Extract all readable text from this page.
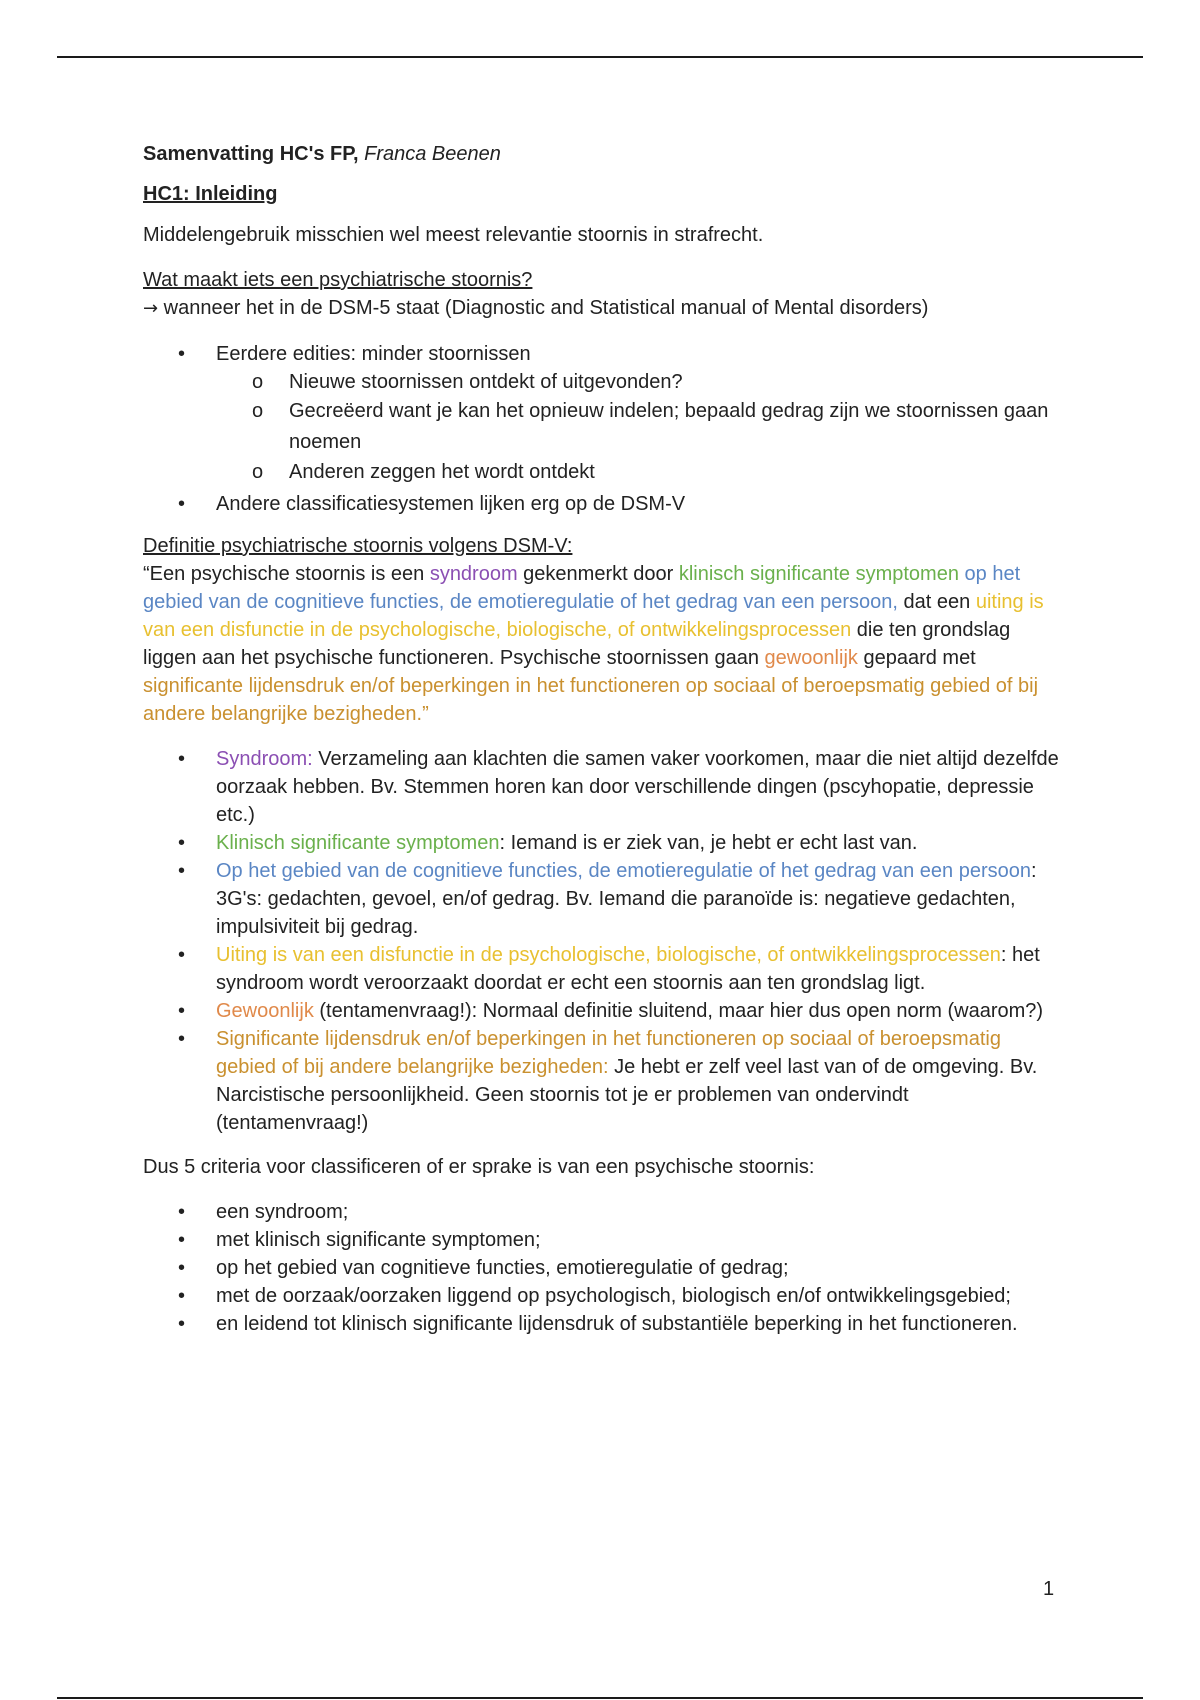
Samenvatting HC's FP, Franca Beenen

HC1: Inleiding

Middelengebruik misschien wel meest relevantie stoornis in strafrecht.

Wat maakt iets een psychiatrische stoornis?

→ wanneer het in de DSM-5 staat (Diagnostic and Statistical manual of Mental disorders)

• Eerdere edities: minder stoornissen
o Nieuwe stoornissen ontdekt of uitgevonden?
o Gecreëerd want je kan het opnieuw indelen; bepaald gedrag zijn we stoornissen gaan noemen
o Anderen zeggen het wordt ontdekt
• Andere classificatiesystemen lijken erg op de DSM-V

Definitie psychiatrische stoornis volgens DSM-V:

“Een psychische stoornis is een syndroom gekenmerkt door klinisch significante symptomen op het gebied van de cognitieve functies, de emotieregulatie of het gedrag van een persoon, dat een uiting is van een disfunctie in de psychologische, biologische, of ontwikkelingsprocessen die ten grondslag liggen aan het psychische functioneren. Psychische stoornissen gaan gewoonlijk gepaard met significante lijdensdruk en/of beperkingen in het functioneren op sociaal of beroepsmatig gebied of bij andere belangrijke bezigheden.”

• Syndroom: Verzameling aan klachten die samen vaker voorkomen, maar die niet altijd dezelfde oorzaak hebben. Bv. Stemmen horen kan door verschillende dingen (pscyhopatie, depressie etc.)
• Klinisch significante symptomen: Iemand is er ziek van, je hebt er echt last van.
• Op het gebied van de cognitieve functies, de emotieregulatie of het gedrag van een persoon: 3G's: gedachten, gevoel, en/of gedrag. Bv. Iemand die paranoïde is: negatieve gedachten, impulsiviteit bij gedrag.
• Uiting is van een disfunctie in de psychologische, biologische, of ontwikkelingsprocessen: het syndroom wordt veroorzaakt doordat er echt een stoornis aan ten grondslag ligt.
• Gewoonlijk (tentamenvraag!): Normaal definitie sluitend, maar hier dus open norm (waarom?)
• Significante lijdensdruk en/of beperkingen in het functioneren op sociaal of beroepsmatig gebied of bij andere belangrijke bezigheden: Je hebt er zelf veel last van of de omgeving. Bv. Narcistische persoonlijkheid. Geen stoornis tot je er problemen van ondervindt (tentamenvraag!)

Dus 5 criteria voor classificeren of er sprake is van een psychische stoornis:

• een syndroom;
• met klinisch significante symptomen;
• op het gebied van cognitieve functies, emotieregulatie of gedrag;
• met de oorzaak/oorzaken liggend op psychologisch, biologisch en/of ontwikkelingsgebied;
• en leidend tot klinisch significante lijdensdruk of substantiële beperking in het functioneren.
1
